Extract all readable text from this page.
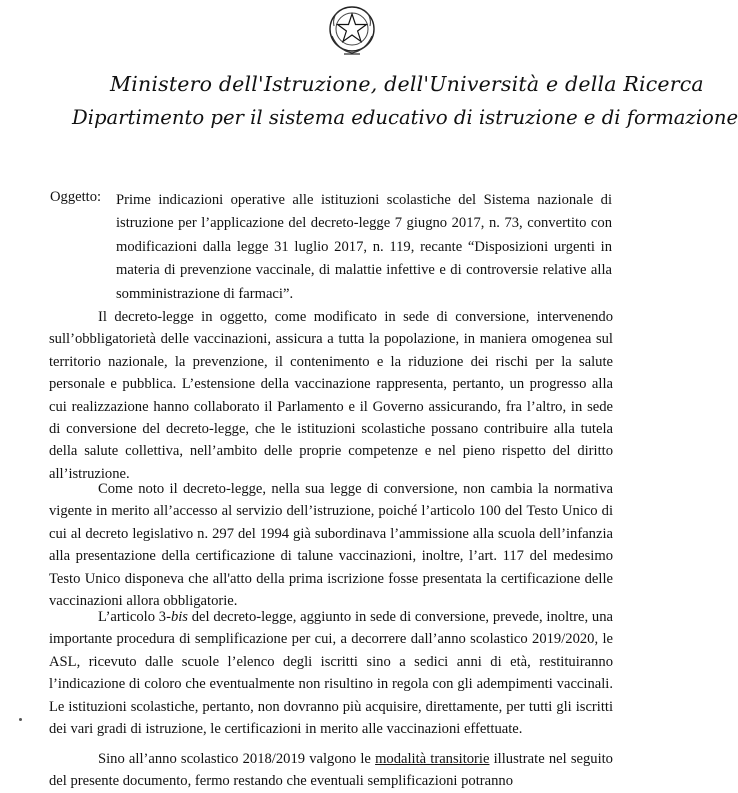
Ministero dell'Istruzione, dell'Università e della Ricerca
Dipartimento per il sistema educativo di istruzione e di formazione
Oggetto: Prime indicazioni operative alle istituzioni scolastiche del Sistema nazionale di istruzione per l’applicazione del decreto-legge 7 giugno 2017, n. 73, convertito con modificazioni dalla legge 31 luglio 2017, n. 119, recante “Disposizioni urgenti in materia di prevenzione vaccinale, di malattie infettive e di controversie relative alla somministrazione di farmaci”.

Il decreto-legge in oggetto, come modificato in sede di conversione, intervenendo sull’obbligatorietà delle vaccinazioni, assicura a tutta la popolazione, in maniera omogenea sul territorio nazionale, la prevenzione, il contenimento e la riduzione dei rischi per la salute personale e pubblica. L’estensione della vaccinazione rappresenta, pertanto, un progresso alla cui realizzazione hanno collaborato il Parlamento e il Governo assicurando, fra l’altro, in sede di conversione del decreto-legge, che le istituzioni scolastiche possano contribuire alla tutela della salute collettiva, nell’ambito delle proprie competenze e nel pieno rispetto del diritto all’istruzione.

Come noto il decreto-legge, nella sua legge di conversione, non cambia la normativa vigente in merito all’accesso al servizio dell’istruzione, poiché l’articolo 100 del Testo Unico di cui al decreto legislativo n. 297 del 1994 già subordinava l’ammissione alla scuola dell’infanzia alla presentazione della certificazione di talune vaccinazioni, inoltre, l’art. 117 del medesimo Testo Unico disponeva che all'atto della prima iscrizione fosse presentata la certificazione delle vaccinazioni allora obbligatorie.

L’articolo 3-bis del decreto-legge, aggiunto in sede di conversione, prevede, inoltre, una importante procedura di semplificazione per cui, a decorrere dall’anno scolastico 2019/2020, le ASL, ricevuto dalle scuole l’elenco degli iscritti sino a sedici anni di età, restituiranno l’indicazione di coloro che eventualmente non risultino in regola con gli adempimenti vaccinali. Le istituzioni scolastiche, pertanto, non dovranno più acquisire, direttamente, per tutti gli iscritti dei vari gradi di istruzione, le certificazioni in merito alle vaccinazioni effettuate.

Sino all’anno scolastico 2018/2019 valgono le modalità transitorie illustrate nel seguito del presente documento, fermo restando che eventuali semplificazioni potranno
